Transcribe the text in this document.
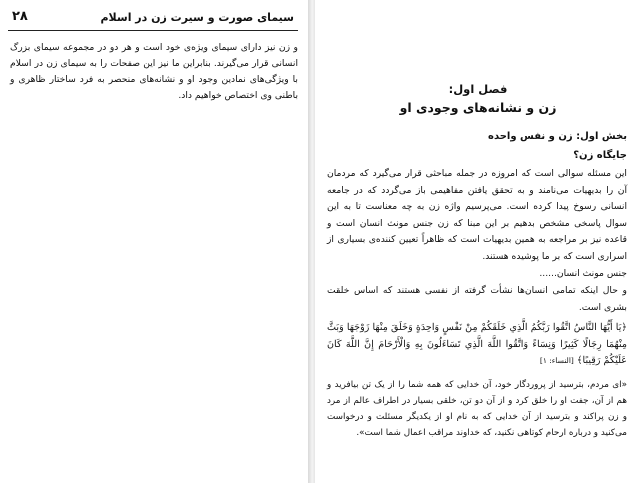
سیمای صورت و سیرت زن در اسلام
۲۸
و زن نیز دارای سیمای ویژه‌ی خود است و هر دو در مجموعه سیمای بزرگ انسانی قرار می‌گیرند. بنابراین ما نیز این صفحات را به سیمای زن در اسلام با ویژگی‌های نمادین وجود او و نشانه‌های منحصر به فرد ساختار ظاهری و باطنی وی اختصاص خواهیم داد.	فصل اول:
زن و نشانه‌های وجودی او
بخش اول: زن و نفس واحده
جایگاه زن؟
این مسئله سوالی است که امروزه در جمله مباحثی قرار می‌گیرد که مردمان آن را بدیهیات می‌نامند و به تحقق یافتن مفاهیمی باز می‌گردد که در جامعه انسانی رسوخ پیدا کرده است. می‌پرسیم واژه زن به چه معناست تا به این سوال پاسخی مشخص بدهیم بر این مبنا که زن جنس مونث انسان است و قاعده نیز بر مراجعه به همین بدیهیات است که ظاهراً تعیین کننده‌ی بسیاری از اسراری است که بر ما پوشیده هستند.
جنس مونث انسان......
و حال اینکه تمامی انسان‌ها نشأت گرفته از نفسی هستند که اساس خلقت بشری است.
﴿يَا أَيُّهَا النَّاسُ اتَّقُوا رَبَّكُمُ الَّذِي خَلَقَكُمْ مِنْ نَفْسٍ وَاحِدَةٍ وَخَلَقَ مِنْهَا زَوْجَهَا وَبَثَّ مِنْهُمَا رِجَالًا كَثِيرًا وَنِسَاءً وَاتَّقُوا اللَّهَ الَّذِي تَسَاءَلُونَ بِهِ وَالْأَرْحَامَ إِنَّ اللَّهَ كَانَ عَلَيْكُمْ رَقِيبًا﴾ [النساء: ۱]
«ای مردم، بترسید از پروردگار خود، آن خدایی که همه شما را از یک تن بیافرید و هم از آن، جفت او را خلق کرد و از آن دو تن، خلقی بسیار در اطراف عالم از مرد و زن پراکند و بترسید از آن خدایی که به نام او از یکدیگر مسئلت و درخواست می‌کنید و درباره ارحام کوتاهی نکنید، که خداوند مراقب اعمال شما است».
